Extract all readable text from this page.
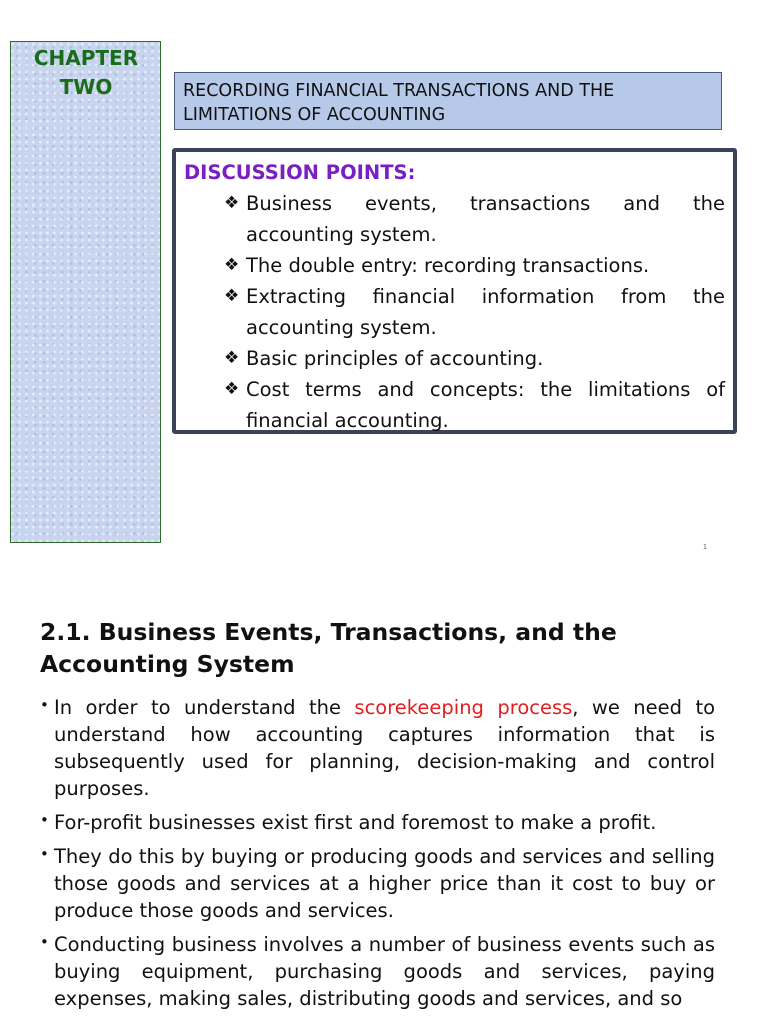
CHAPTER
TWO	RECORDING FINANCIAL TRANSACTIONS AND THE LIMITATIONS OF ACCOUNTING
DISCUSSION POINTS:
❖ Business events, transactions and the accounting system.
❖ The double entry: recording transactions.
❖ Extracting financial information from the accounting system.
❖ Basic principles of accounting.
❖ Cost terms and concepts: the limitations of financial accounting.
1
2.1. Business Events, Transactions, and the Accounting System
• In order to understand the scorekeeping process, we need to understand how accounting captures information that is subsequently used for planning, decision-making and control purposes.
• For-profit businesses exist first and foremost to make a profit.
• They do this by buying or producing goods and services and selling those goods and services at a higher price than it cost to buy or produce those goods and services.
• Conducting business involves a number of business events such as buying equipment, purchasing goods and services, paying expenses, making sales, distributing goods and services, and so
